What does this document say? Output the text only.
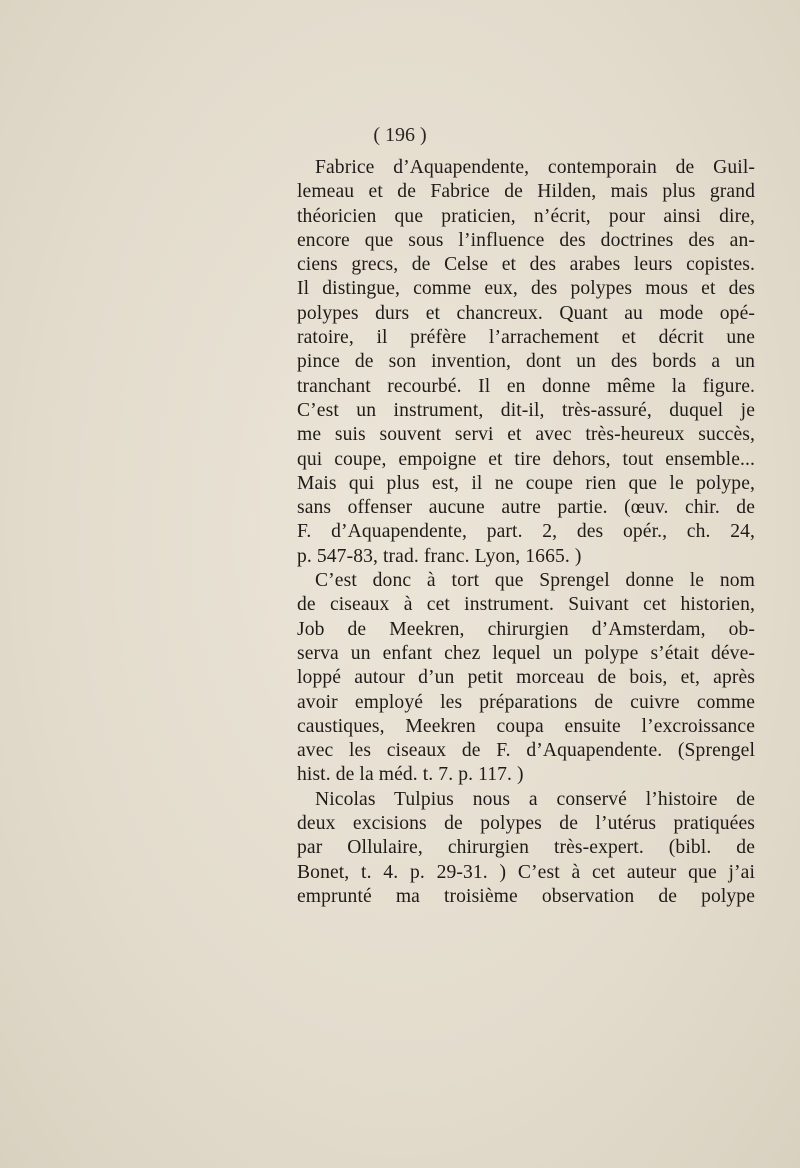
( 196 )
Fabrice d’Aquapendente, contemporain de Guil-
lemeau et de Fabrice de Hilden, mais plus grand
théoricien que praticien, n’écrit, pour ainsi dire,
encore que sous l’influence des doctrines des an-
ciens grecs, de Celse et des arabes leurs copistes.
Il distingue, comme eux, des polypes mous et des
polypes durs et chancreux. Quant au mode opé-
ratoire, il préfère l’arrachement et décrit une
pince de son invention, dont un des bords a un
tranchant recourbé. Il en donne même la figure.
C’est un instrument, dit-il, très-assuré, duquel je
me suis souvent servi et avec très-heureux succès,
qui coupe, empoigne et tire dehors, tout ensemble...
Mais qui plus est, il ne coupe rien que le polype,
sans offenser aucune autre partie. (œuv. chir. de
F. d’Aquapendente, part. 2, des opér., ch. 24,
p. 547-83, trad. franc. Lyon, 1665. )
C’est donc à tort que Sprengel donne le nom
de ciseaux à cet instrument. Suivant cet historien,
Job de Meekren, chirurgien d’Amsterdam, ob-
serva un enfant chez lequel un polype s’était déve-
loppé autour d’un petit morceau de bois, et, après
avoir employé les préparations de cuivre comme
caustiques, Meekren coupa ensuite l’excroissance
avec les ciseaux de F. d’Aquapendente. (Sprengel
hist. de la méd. t. 7. p. 117. )
Nicolas Tulpius nous a conservé l’histoire de
deux excisions de polypes de l’utérus pratiquées
par Ollulaire, chirurgien très-expert. (bibl. de
Bonet, t. 4. p. 29-31. ) C’est à cet auteur que j’ai
emprunté ma troisième observation de polype
